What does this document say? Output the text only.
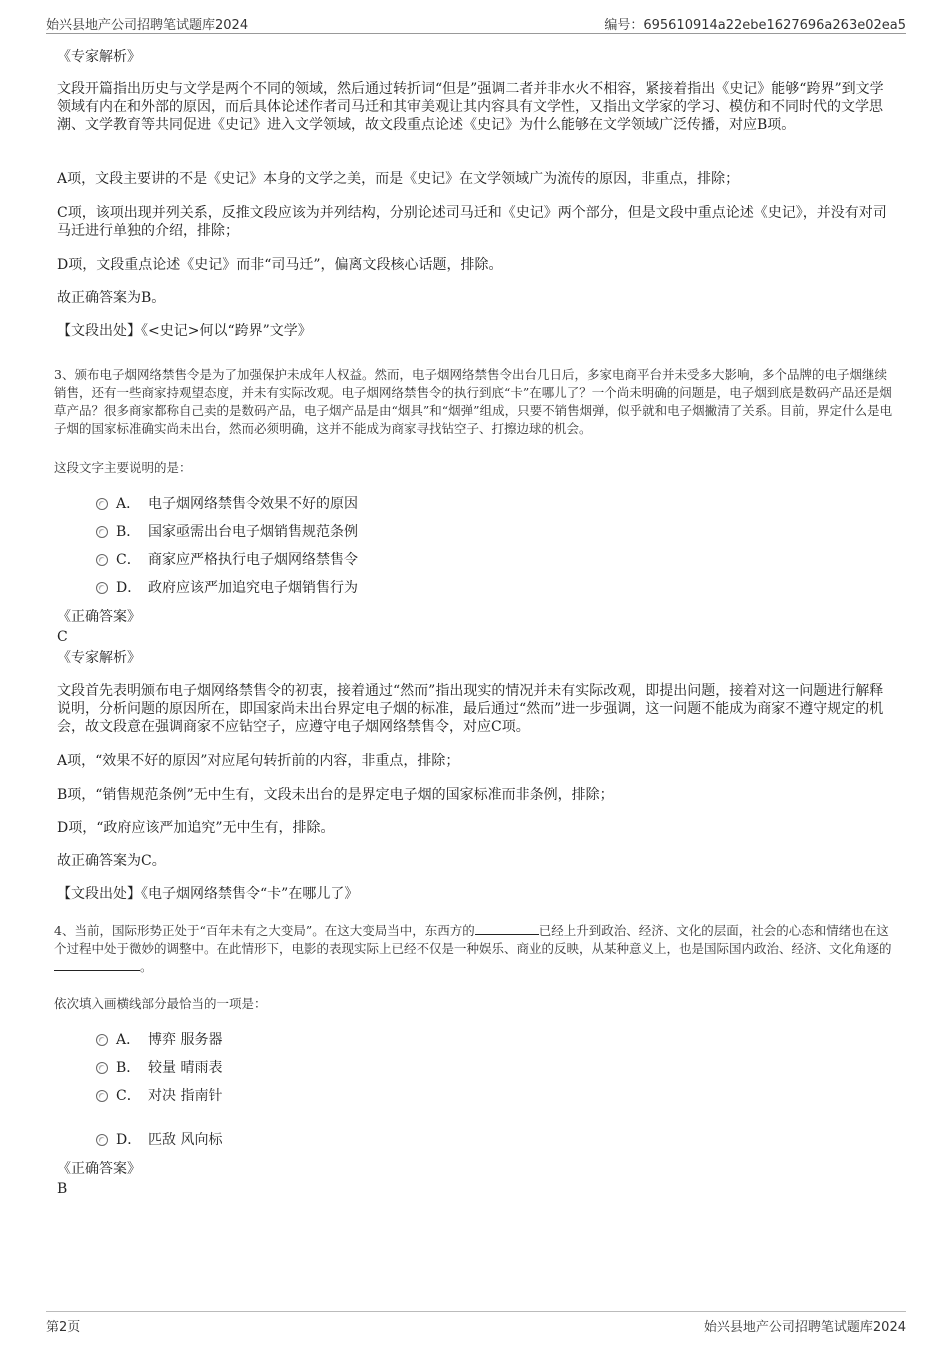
始兴县地产公司招聘笔试题库2024	编号：695610914a22ebe1627696a263e02ea5
《专家解析》
文段开篇指出历史与文学是两个不同的领域，然后通过转折词“但是”强调二者并非水火不相容，紧接着指出《史记》能够“跨界”到文学领域有内在和外部的原因，而后具体论述作者司马迁和其审美观让其内容具有文学性，又指出文学家的学习、模仿和不同时代的文学思潮、文学教育等共同促进《史记》进入文学领域，故文段重点论述《史记》为什么能够在文学领域广泛传播，对应B项。
A项，文段主要讲的不是《史记》本身的文学之美，而是《史记》在文学领域广为流传的原因，非重点，排除；
C项，该项出现并列关系，反推文段应该为并列结构，分别论述司马迁和《史记》两个部分，但是文段中重点论述《史记》，并没有对司马迁进行单独的介绍，排除；
D项，文段重点论述《史记》而非“司马迁”，偏离文段核心话题，排除。
故正确答案为B。
【文段出处】《<史记>何以“跨界”文学》
3、颁布电子烟网络禁售令是为了加强保护未成年人权益。然而，电子烟网络禁售令出台几日后，多家电商平台并未受多大影响，多个品牌的电子烟继续销售，还有一些商家持观望态度，并未有实际改观。电子烟网络禁售令的执行到底“卡”在哪儿了？一个尚未明确的问题是，电子烟到底是数码产品还是烟草产品？很多商家都称自己卖的是数码产品，电子烟产品是由“烟具”和“烟弹”组成，只要不销售烟弹，似乎就和电子烟撇清了关系。目前，界定什么是电子烟的国家标准确实尚未出台，然而必须明确，这并不能成为商家寻找钻空子、打擦边球的机会。
这段文字主要说明的是：
A． 电子烟网络禁售令效果不好的原因
B． 国家亟需出台电子烟销售规范条例
C． 商家应严格执行电子烟网络禁售令
D． 政府应该严加追究电子烟销售行为
《正确答案》
C
《专家解析》
文段首先表明颁布电子烟网络禁售令的初衷，接着通过“然而”指出现实的情况并未有实际改观，即提出问题，接着对这一问题进行解释说明，分析问题的原因所在，即国家尚未出台界定电子烟的标准，最后通过“然而”进一步强调，这一问题不能成为商家不遵守规定的机会，故文段意在强调商家不应钻空子，应遵守电子烟网络禁售令，对应C项。
A项，“效果不好的原因”对应尾句转折前的内容，非重点，排除；
B项，“销售规范条例”无中生有，文段未出台的是界定电子烟的国家标准而非条例，排除；
D项，“政府应该严加追究”无中生有，排除。
故正确答案为C。
【文段出处】《电子烟网络禁售令“卡”在哪儿了》
4、当前，国际形势正处于“百年未有之大变局”。在这大变局当中，东西方的	已经上升到政治、经济、文化的层面，社会的心态和情绪也在这个过程中处于微妙的调整中。在此情形下，电影的表现实际上已经不仅是一种娱乐、商业的反映，从某种意义上，也是国际国内政治、经济、文化角逐的。
依次填入画横线部分最恰当的一项是：
A． 博弈 服务器
B． 较量 晴雨表
C． 对决 指南针
D． 匹敌 风向标
《正确答案》
B
第2页	始兴县地产公司招聘笔试题库2024
